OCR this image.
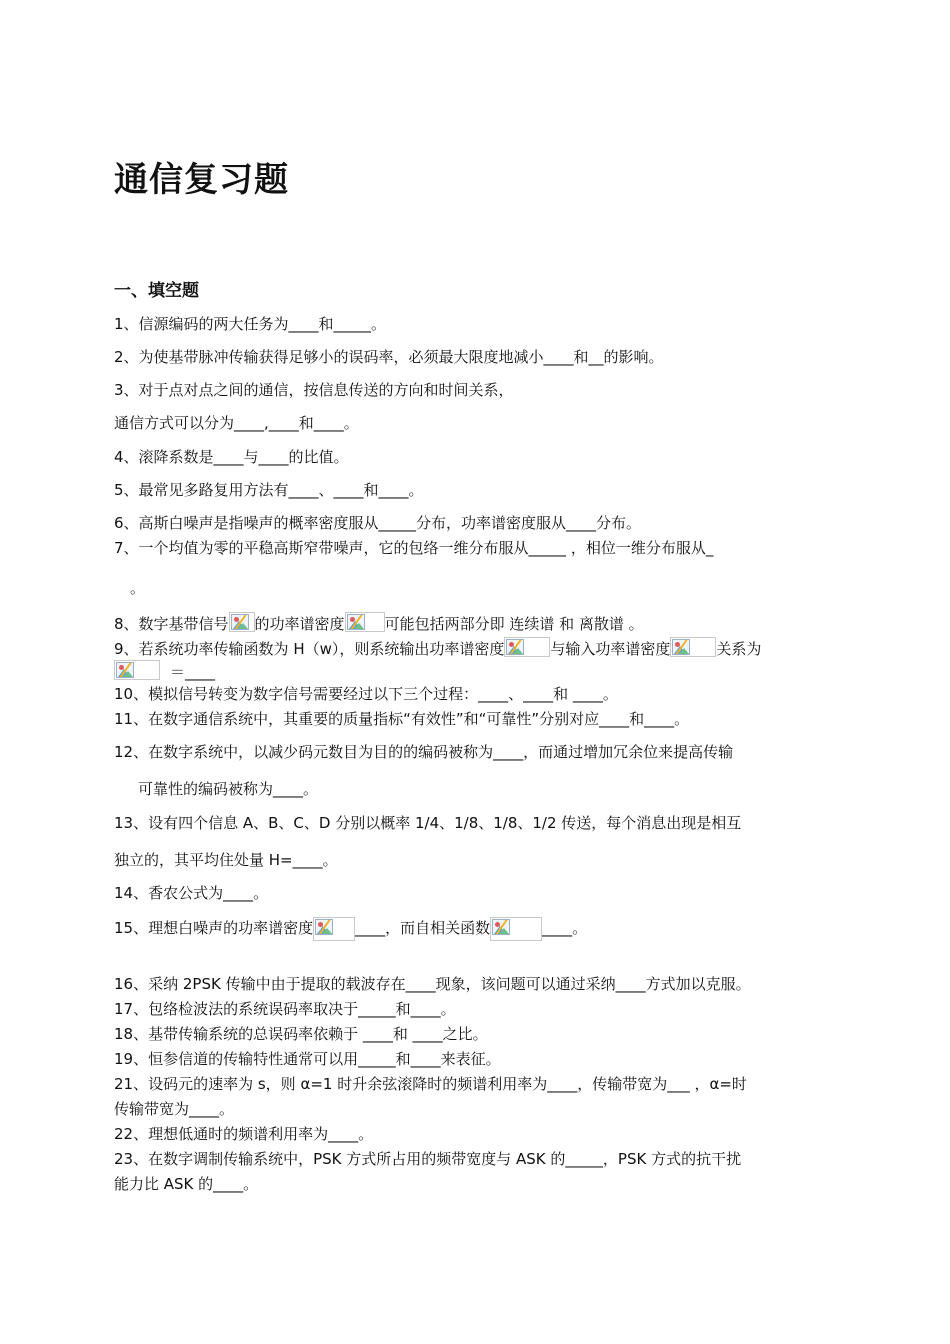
通信复习题
一、填空题
1、信源编码的两大任务为____和_____。
2、为使基带脉冲传输获得足够小的误码率，必须最大限度地减小____和__的影响。
3、对于点对点之间的通信，按信息传送的方向和时间关系，
通信方式可以分为____,____和____。
4、滚降系数是____与____的比值。
5、最常见多路复用方法有____、____和____。
6、高斯白噪声是指噪声的概率密度服从_____分布，功率谱密度服从____分布。
7、一个均值为零的平稳高斯窄带噪声，它的包络一维分布服从_____ ，相位一维分布服从_
。
8、数字基带信号 的功率谱密度	可能包括两部分即 连续谱 和 离散谱 。
9、若系统功率传输函数为 H（w），则系统输出功率谱密度	与输入功率谱密度	关系为
＝____
10、模拟信号转变为数字信号需要经过以下三个过程：____、____和 ____。
11、在数字通信系统中，其重要的质量指标“有效性”和“可靠性”分别对应____和____。
12、在数字系统中，以减少码元数目为目的的编码被称为____，而通过增加冗余位来提高传输
可靠性的编码被称为____。
13、设有四个信息 A、B、C、D 分别以概率 1/4、1/8、1/8、1/2 传送，每个消息出现是相互
独立的，其平均住处量 H=____。
14、香农公式为____。
15、理想白噪声的功率谱密度	____，而自相关函数	____。
16、采纳 2PSK 传输中由于提取的载波存在____现象，该问题可以通过采纳____方式加以克服。
17、包络检波法的系统误码率取决于_____和____。
18、基带传输系统的总误码率依赖于 ____和 ____之比。
19、恒参信道的传输特性通常可以用_____和____来表征。
21、设码元的速率为 s，则 α=1 时升余弦滚降时的频谱利用率为____，传输带宽为___ ，α=时
传输带宽为____。
22、理想低通时的频谱利用率为____。
23、在数字调制传输系统中，PSK 方式所占用的频带宽度与 ASK 的_____，PSK 方式的抗干扰
能力比 ASK 的____。
